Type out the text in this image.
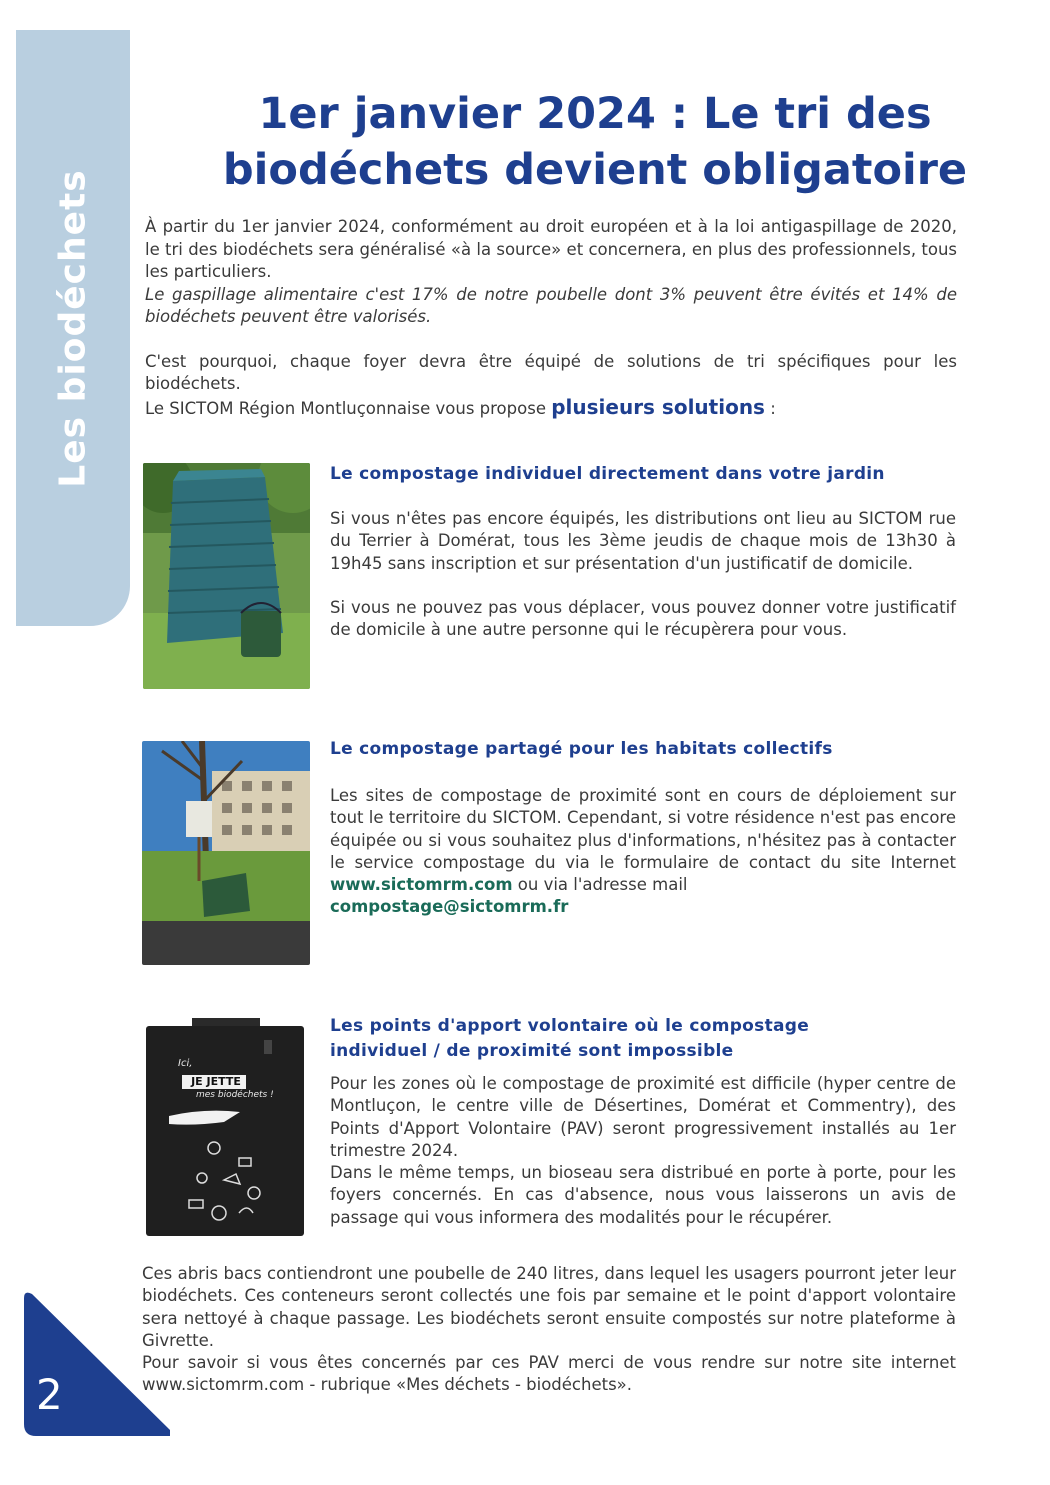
Les biodéchets
1er janvier 2024 : Le tri des
biodéchets devient obligatoire

À partir du 1er janvier 2024, conformément au droit européen et à la loi antigaspillage de 2020, le tri des biodéchets sera généralisé «à la source» et concernera, en plus des professionnels, tous les particuliers.

Le gaspillage alimentaire c'est 17% de notre poubelle dont 3% peuvent être évités et 14% de biodéchets peuvent être valorisés.

C'est pourquoi, chaque foyer devra être équipé de solutions de tri spécifiques pour les biodéchets.

Le SICTOM Région Montluçonnaise vous propose plusieurs solutions :

Le compostage individuel directement dans votre jardin

Si vous n'êtes pas encore équipés, les distributions ont lieu au SICTOM rue du Terrier à Domérat, tous les 3ème jeudis de chaque mois de 13h30 à 19h45 sans inscription et sur présentation d'un justificatif de domicile.

Si vous ne pouvez pas vous déplacer, vous pouvez donner votre justificatif de domicile à une autre personne qui le récupèrera pour vous.

Le compostage partagé pour les habitats collectifs

Les sites de compostage de proximité sont en cours de déploiement sur tout le territoire du SICTOM. Cependant, si votre résidence n'est pas encore équipée ou si vous souhaitez plus d'informations, n'hésitez pas à contacter le service compostage du via le formulaire de contact du site Internet www.sictomrm.com ou via l'adresse mail
compostage@sictomrm.fr

Ici,
JE JETTE
mes biodéchets !
Les points d'apport volontaire où le compostage
individuel / de proximité sont impossible

Pour les zones où le compostage de proximité est difficile (hyper centre de Montluçon, le centre ville de Désertines, Domérat et Commentry), des Points d'Apport Volontaire (PAV) seront progressivement installés au 1er trimestre 2024.

Dans le même temps, un bioseau sera distribué en porte à porte, pour les foyers concernés. En cas d'absence, nous vous laisserons un avis de passage qui vous informera des modalités pour le récupérer.

Ces abris bacs contiendront une poubelle de 240 litres, dans lequel les usagers pourront jeter leur biodéchets. Ces conteneurs seront collectés une fois par semaine et le point d'apport volontaire sera nettoyé à chaque passage. Les biodéchets seront ensuite compostés sur notre plateforme à Givrette.

Pour savoir si vous êtes concernés par ces PAV merci de vous rendre sur notre site internet www.sictomrm.com - rubrique «Mes déchets - biodéchets».

2
